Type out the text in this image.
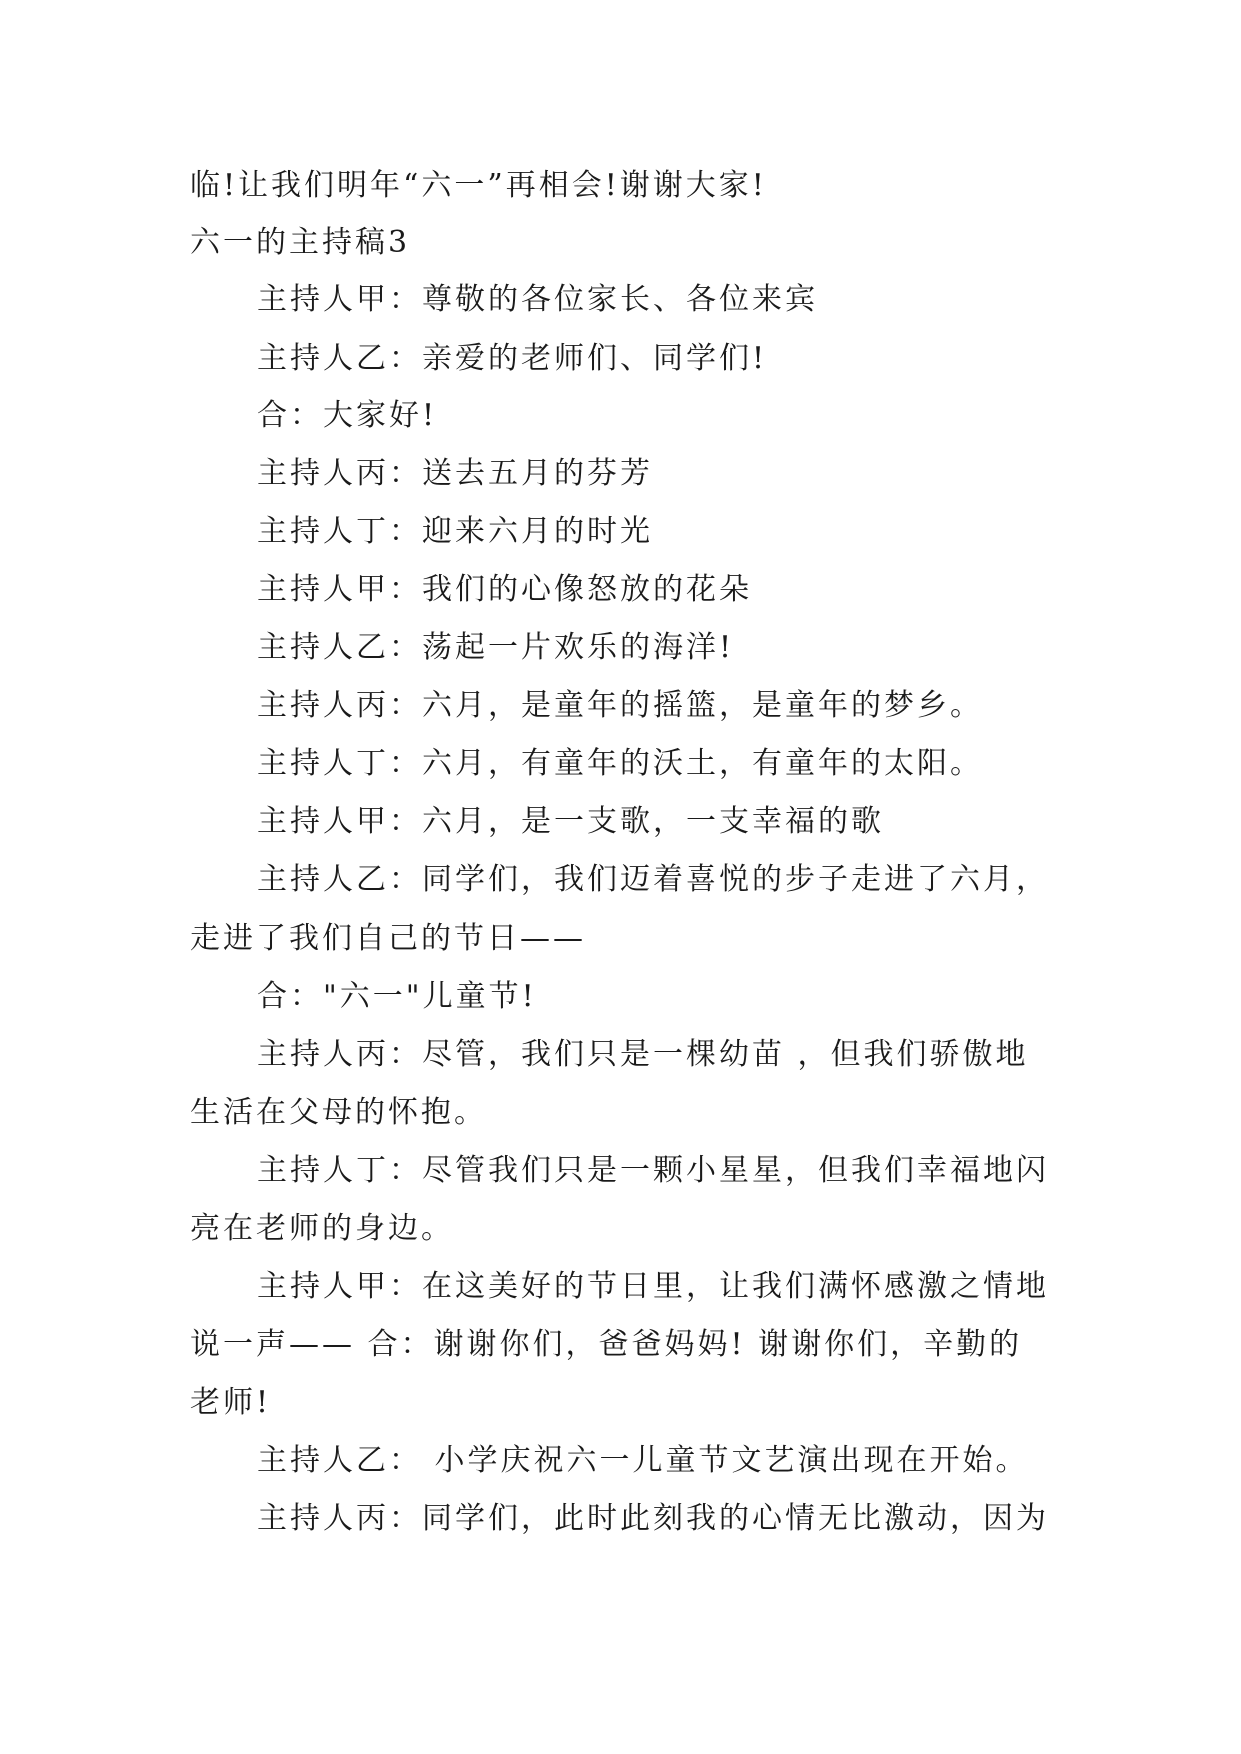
临!让我们明年“六一”再相会!谢谢大家!
六一的主持稿3
主持人甲：尊敬的各位家长、各位来宾
主持人乙：亲爱的老师们、同学们!
合：大家好!
主持人丙：送去五月的芬芳
主持人丁：迎来六月的时光
主持人甲：我们的心像怒放的花朵
主持人乙：荡起一片欢乐的海洋!
主持人丙：六月，是童年的摇篮，是童年的梦乡。
主持人丁：六月，有童年的沃土，有童年的太阳。
主持人甲：六月，是一支歌，一支幸福的歌
主持人乙：同学们，我们迈着喜悦的步子走进了六月，
走进了我们自己的节日——
合："六一"儿童节!
主持人丙：尽管，我们只是一棵幼苗 ，但我们骄傲地
生活在父母的怀抱。
主持人丁：尽管我们只是一颗小星星，但我们幸福地闪
亮在老师的身边。
主持人甲：在这美好的节日里，让我们满怀感激之情地
说一声—— 合：谢谢你们，爸爸妈妈! 谢谢你们，辛勤的
老师!
主持人乙： 小学庆祝六一儿童节文艺演出现在开始。
主持人丙：同学们，此时此刻我的心情无比激动，因为
